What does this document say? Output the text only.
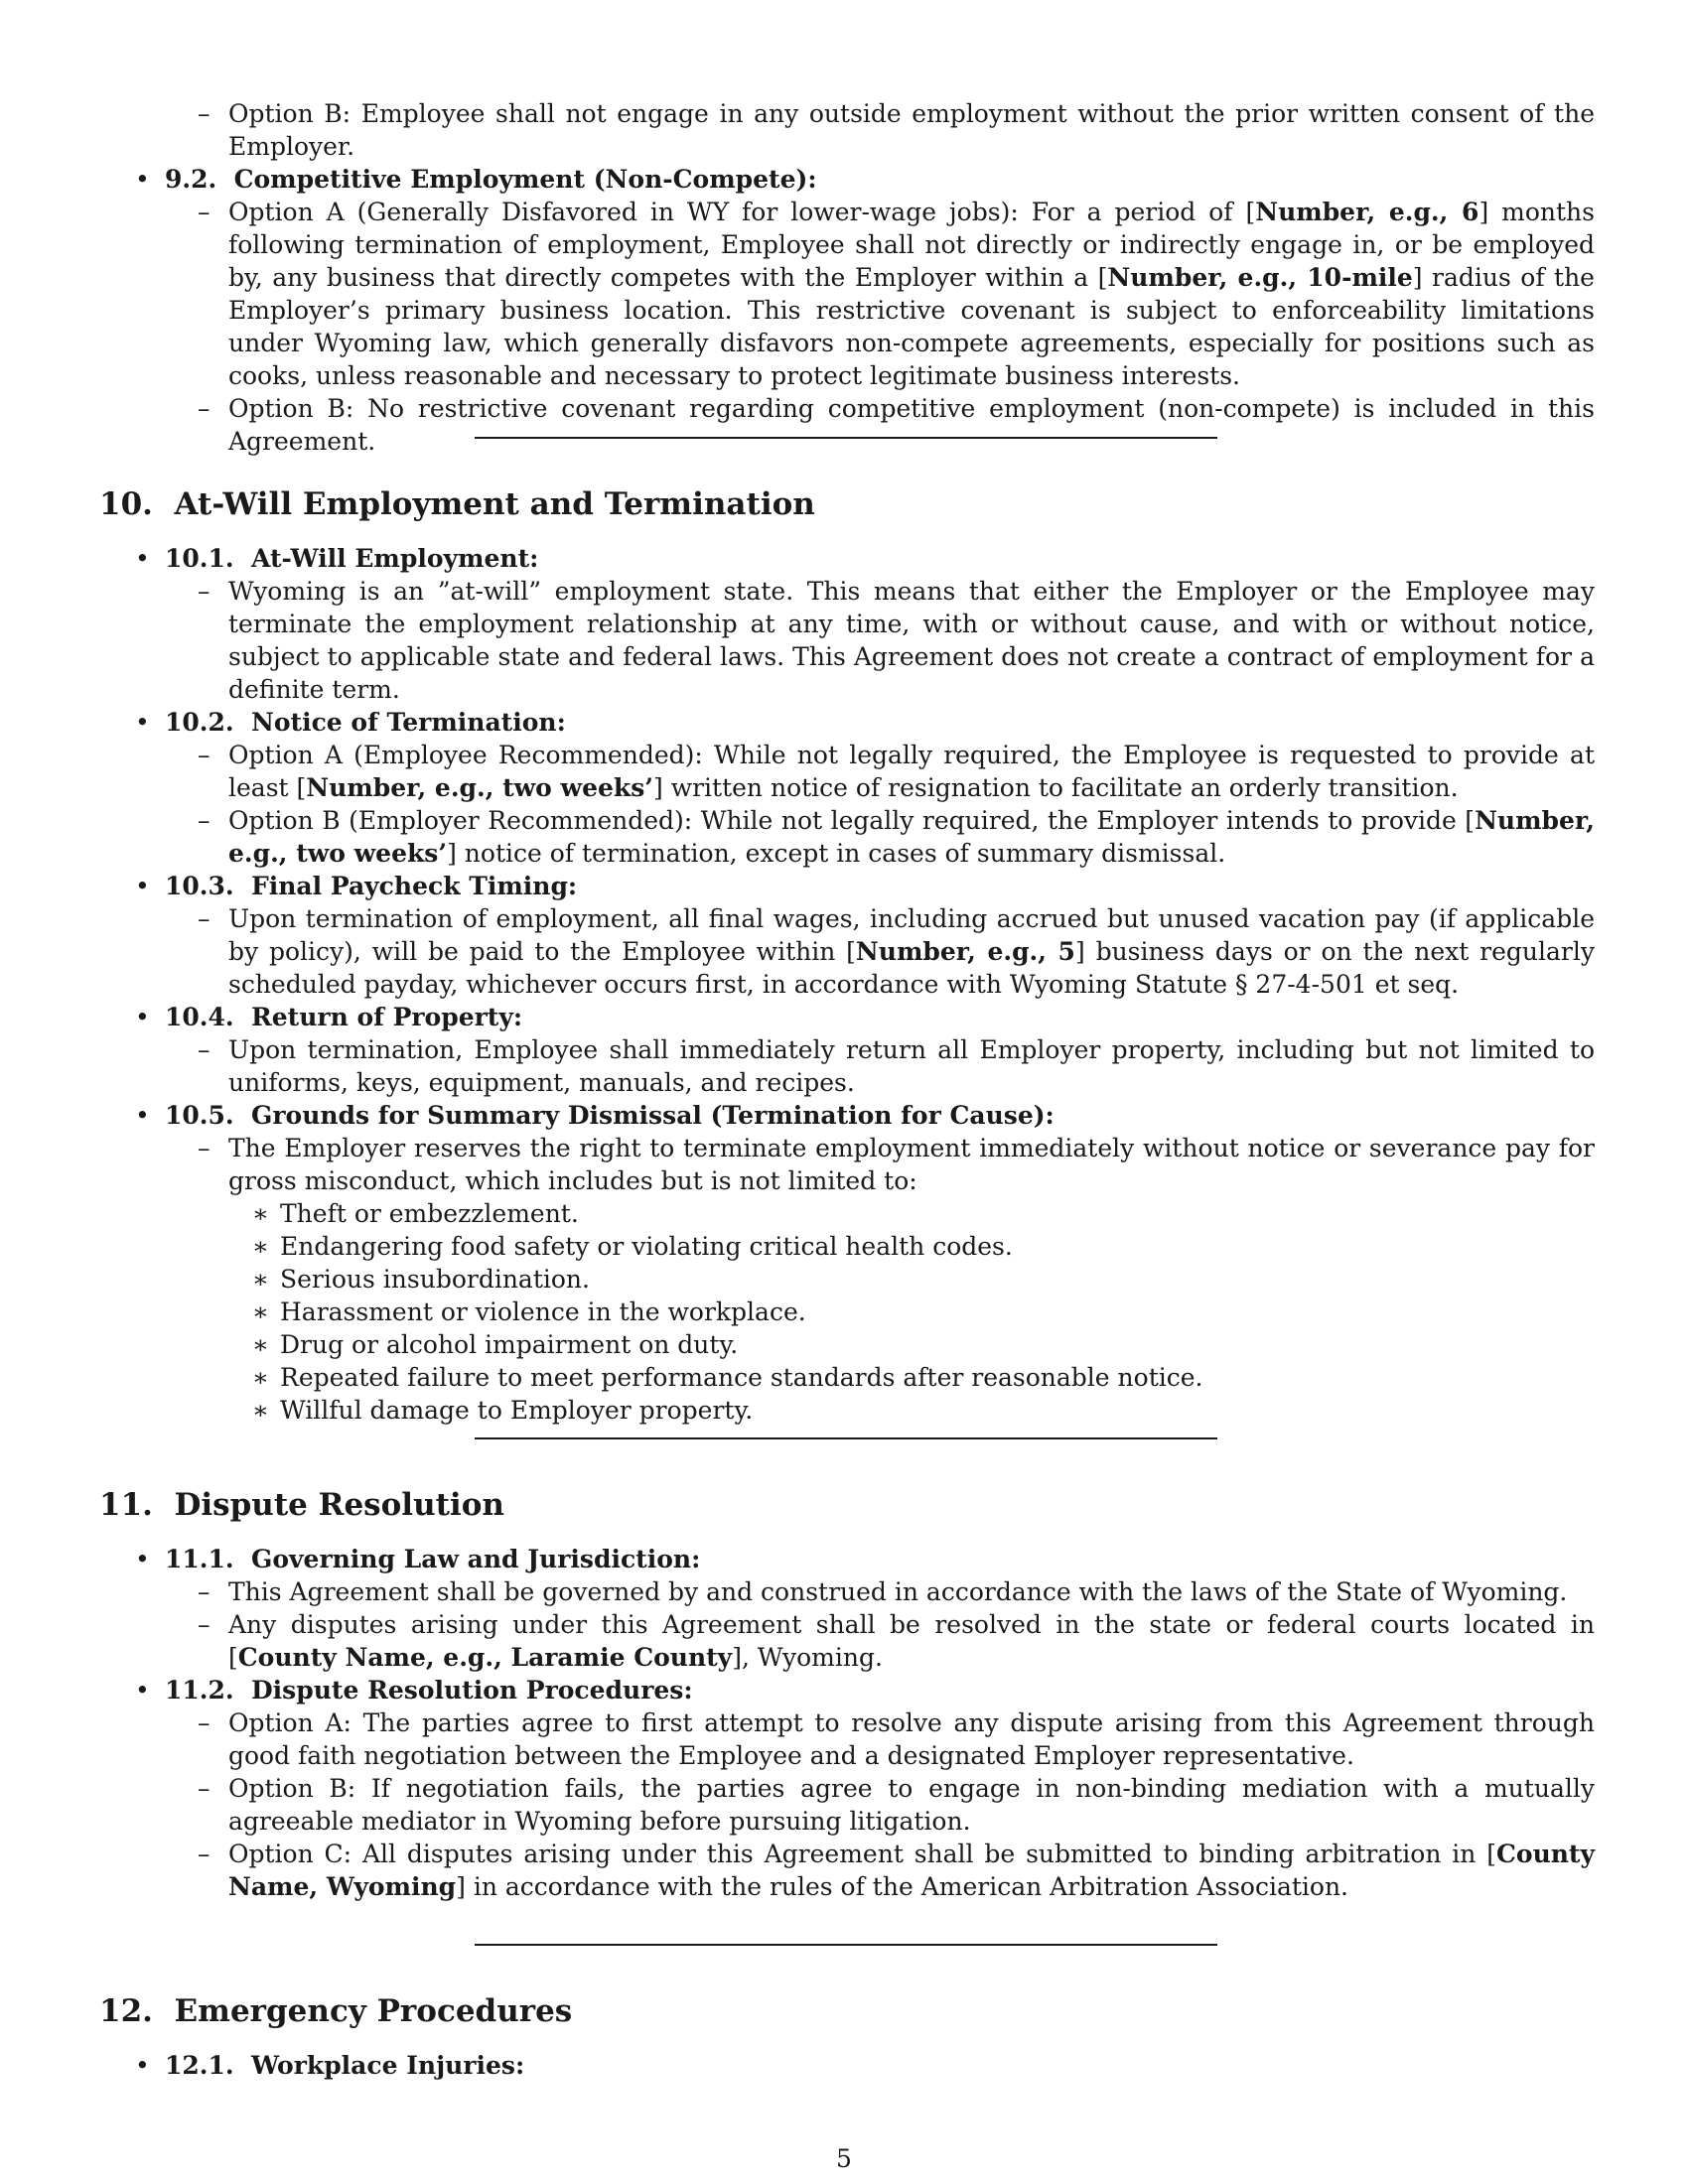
– Option B: Employee shall not engage in any outside employment without the prior written consent of the Employer.
• 9.2.  Competitive Employment (Non-Compete):
– Option A (Generally Disfavored in WY for lower-wage jobs): For a period of [Number, e.g., 6] months following termination of employment, Employee shall not directly or indirectly engage in, or be employed by, any business that directly competes with the Employer within a [Number, e.g., 10-mile] radius of the Employer’s primary business location. This restrictive covenant is subject to enforceability limitations under Wyoming law, which generally disfavors non-compete agreements, especially for positions such as cooks, unless reasonable and necessary to protect legitimate business interests.
– Option B: No restrictive covenant regarding competitive employment (non-compete) is included in this Agreement.
10.  At-Will Employment and Termination
• 10.1.  At-Will Employment:
– Wyoming is an ”at-will” employment state. This means that either the Employer or the Employee may terminate the employment relationship at any time, with or without cause, and with or without notice, subject to applicable state and federal laws. This Agreement does not create a contract of employment for a definite term.
• 10.2.  Notice of Termination:
– Option A (Employee Recommended): While not legally required, the Employee is requested to provide at least [Number, e.g., two weeks’] written notice of resignation to facilitate an orderly transition.
– Option B (Employer Recommended): While not legally required, the Employer intends to provide [Number, e.g., two weeks’] notice of termination, except in cases of summary dismissal.
• 10.3.  Final Paycheck Timing:
– Upon termination of employment, all final wages, including accrued but unused vacation pay (if applicable by policy), will be paid to the Employee within [Number, e.g., 5] business days or on the next regularly scheduled payday, whichever occurs first, in accordance with Wyoming Statute § 27-4-501 et seq.
• 10.4.  Return of Property:
– Upon termination, Employee shall immediately return all Employer property, including but not limited to uniforms, keys, equipment, manuals, and recipes.
• 10.5.  Grounds for Summary Dismissal (Termination for Cause):
– The Employer reserves the right to terminate employment immediately without notice or severance pay for gross misconduct, which includes but is not limited to:
∗ Theft or embezzlement.
∗ Endangering food safety or violating critical health codes.
∗ Serious insubordination.
∗ Harassment or violence in the workplace.
∗ Drug or alcohol impairment on duty.
∗ Repeated failure to meet performance standards after reasonable notice.
∗ Willful damage to Employer property.
11.  Dispute Resolution
• 11.1.  Governing Law and Jurisdiction:
– This Agreement shall be governed by and construed in accordance with the laws of the State of Wyoming.
– Any disputes arising under this Agreement shall be resolved in the state or federal courts located in [County Name, e.g., Laramie County], Wyoming.
• 11.2.  Dispute Resolution Procedures:
– Option A: The parties agree to first attempt to resolve any dispute arising from this Agreement through good faith negotiation between the Employee and a designated Employer representative.
– Option B: If negotiation fails, the parties agree to engage in non-binding mediation with a mutually agreeable mediator in Wyoming before pursuing litigation.
– Option C: All disputes arising under this Agreement shall be submitted to binding arbitration in [County Name, Wyoming] in accordance with the rules of the American Arbitration Association.
12.  Emergency Procedures
• 12.1.  Workplace Injuries:
5
